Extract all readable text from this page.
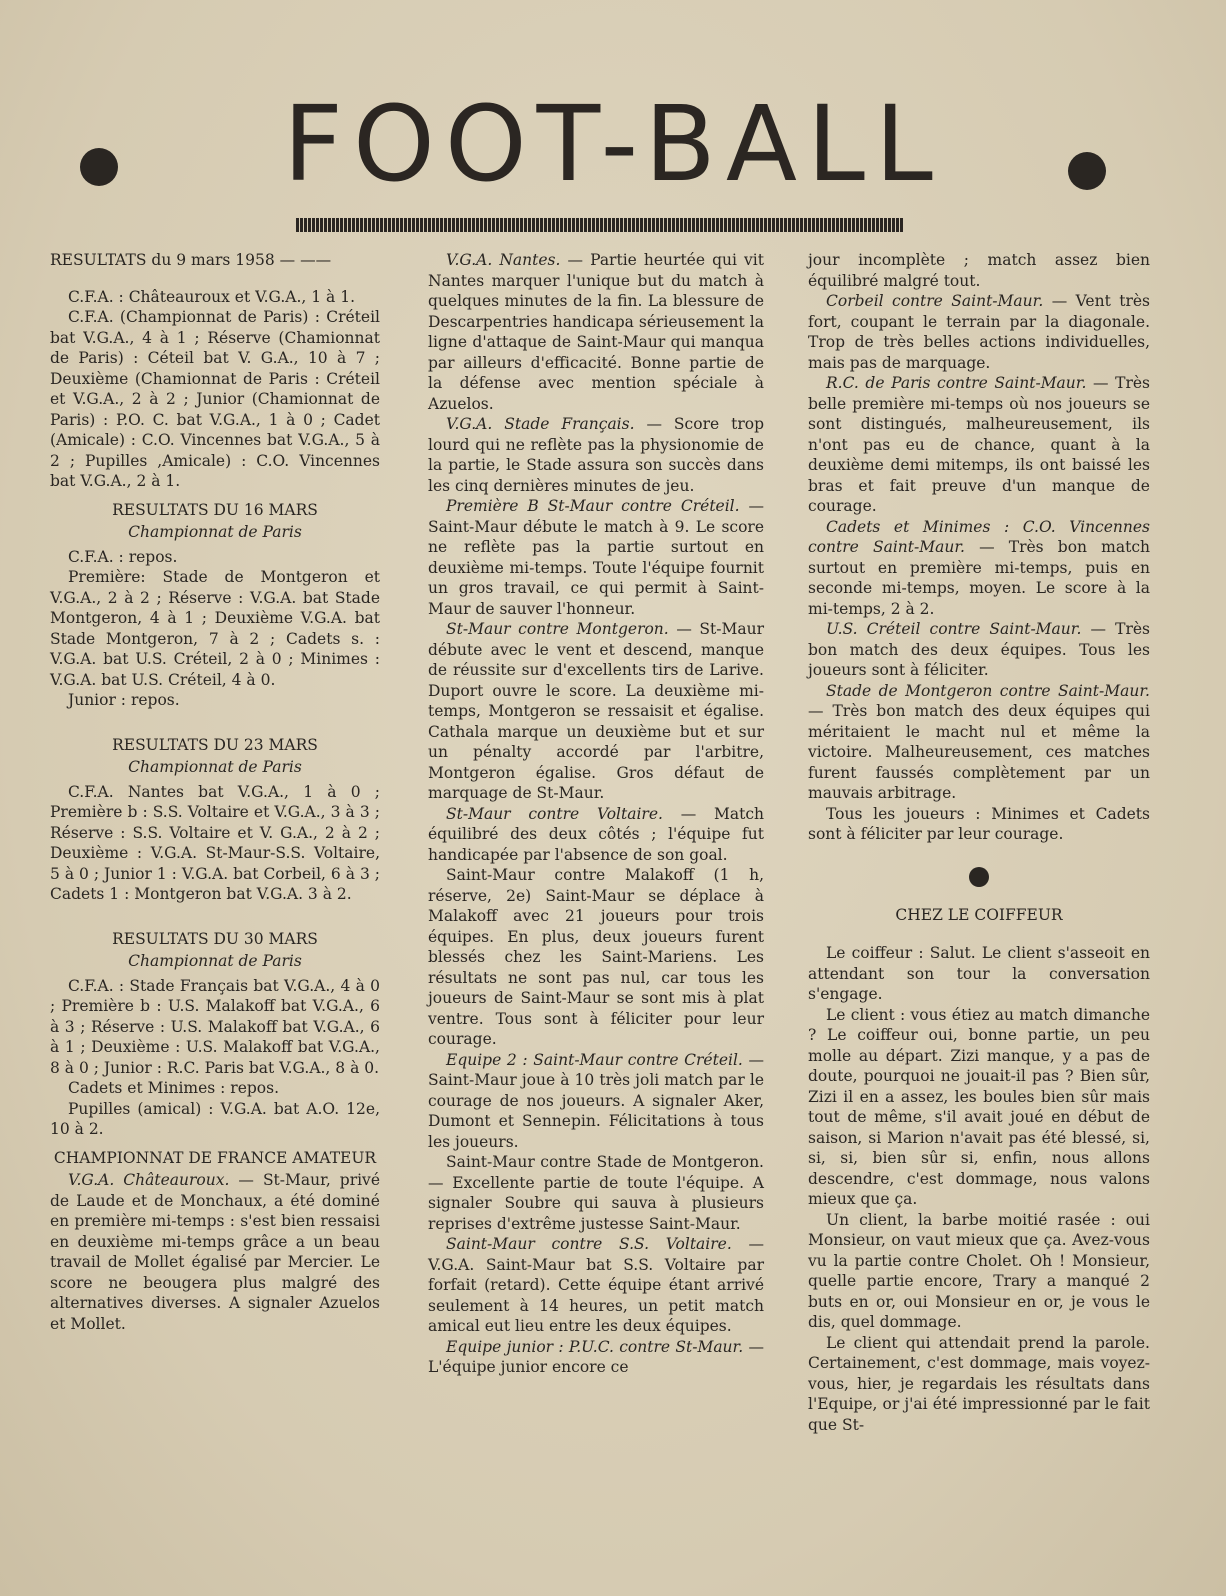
FOOT-BALL

RESULTATS du 9 mars 1958 — ——

C.F.A. : Châteauroux et V.G.A., 1 à 1.

C.F.A. (Championnat de Paris) : Créteil bat V.G.A., 4 à 1 ; Réserve (Chamionnat de Paris) : Céteil bat V. G.A., 10 à 7 ; Deuxième (Chamionnat de Paris : Créteil et V.G.A., 2 à 2 ; Junior (Chamionnat de Paris) : P.O. C. bat V.G.A., 1 à 0 ; Cadet (Amicale) : C.O. Vincennes bat V.G.A., 5 à 2 ; Pupilles ,Amicale) : C.O. Vincennes bat V.G.A., 2 à 1.

RESULTATS DU 16 MARS

Championnat de Paris

C.F.A. : repos.

Première: Stade de Montgeron et V.G.A., 2 à 2 ; Réserve : V.G.A. bat Stade Montgeron, 4 à 1 ; Deuxième V.G.A. bat Stade Montgeron, 7 à 2 ; Cadets s. : V.G.A. bat U.S. Créteil, 2 à 0 ; Minimes : V.G.A. bat U.S. Créteil, 4 à 0.

Junior : repos.

RESULTATS DU 23 MARS

Championnat de Paris

C.F.A. Nantes bat V.G.A., 1 à 0 ; Première b : S.S. Voltaire et V.G.A., 3 à 3 ; Réserve : S.S. Voltaire et V. G.A., 2 à 2 ; Deuxième : V.G.A. St-Maur-S.S. Voltaire, 5 à 0 ; Junior 1 : V.G.A. bat Corbeil, 6 à 3 ; Cadets 1 : Montgeron bat V.G.A. 3 à 2.

RESULTATS DU 30 MARS

Championnat de Paris

C.F.A. : Stade Français bat V.G.A., 4 à 0 ; Première b : U.S. Malakoff bat V.G.A., 6 à 3 ; Réserve : U.S. Malakoff bat V.G.A., 6 à 1 ; Deuxième : U.S. Malakoff bat V.G.A., 8 à 0 ; Junior : R.C. Paris bat V.G.A., 8 à 0.

Cadets et Minimes : repos.

Pupilles (amical) : V.G.A. bat A.O. 12e, 10 à 2.

CHAMPIONNAT DE FRANCE AMATEUR

V.G.A. Châteauroux. — St-Maur, privé de Laude et de Monchaux, a été dominé en première mi-temps : s'est bien ressaisi en deuxième mi-temps grâce a un beau travail de Mollet égalisé par Mercier. Le score ne beougera plus malgré des alternatives diverses. A signaler Azuelos et Mollet.

V.G.A. Nantes. — Partie heurtée qui vit Nantes marquer l'unique but du match à quelques minutes de la fin. La blessure de Descarpentries handicapa sérieusement la ligne d'attaque de Saint-Maur qui manqua par ailleurs d'efficacité. Bonne partie de la défense avec mention spéciale à Azuelos.

V.G.A. Stade Français. — Score trop lourd qui ne reflète pas la physionomie de la partie, le Stade assura son succès dans les cinq dernières minutes de jeu.

Première B St-Maur contre Créteil. — Saint-Maur débute le match à 9. Le score ne reflète pas la partie surtout en deuxième mi-temps. Toute l'équipe fournit un gros travail, ce qui permit à Saint-Maur de sauver l'honneur.

St-Maur contre Montgeron. — St-Maur débute avec le vent et descend, manque de réussite sur d'excellents tirs de Larive. Duport ouvre le score. La deuxième mi-temps, Montgeron se ressaisit et égalise. Cathala marque un deuxième but et sur un pénalty accordé par l'arbitre, Montgeron égalise. Gros défaut de marquage de St-Maur.

St-Maur contre Voltaire. — Match équilibré des deux côtés ; l'équipe fut handicapée par l'absence de son goal.

Saint-Maur contre Malakoff (1 h, réserve, 2e) Saint-Maur se déplace à Malakoff avec 21 joueurs pour trois équipes. En plus, deux joueurs furent blessés chez les Saint-Mariens. Les résultats ne sont pas nul, car tous les joueurs de Saint-Maur se sont mis à plat ventre. Tous sont à féliciter pour leur courage.

Equipe 2 : Saint-Maur contre Créteil. — Saint-Maur joue à 10 très joli match par le courage de nos joueurs. A signaler Aker, Dumont et Sennepin. Félicitations à tous les joueurs.

Saint-Maur contre Stade de Montgeron. — Excellente partie de toute l'équipe. A signaler Soubre qui sauva à plusieurs reprises d'extrême justesse Saint-Maur.

Saint-Maur contre S.S. Voltaire. — V.G.A. Saint-Maur bat S.S. Voltaire par forfait (retard). Cette équipe étant arrivé seulement à 14 heures, un petit match amical eut lieu entre les deux équipes.

Equipe junior : P.U.C. contre St-Maur. — L'équipe junior encore ce

jour incomplète ; match assez bien équilibré malgré tout.

Corbeil contre Saint-Maur. — Vent très fort, coupant le terrain par la diagonale. Trop de très belles actions individuelles, mais pas de marquage.

R.C. de Paris contre Saint-Maur. — Très belle première mi-temps où nos joueurs se sont distingués, malheureusement, ils n'ont pas eu de chance, quant à la deuxième demi mitemps, ils ont baissé les bras et fait preuve d'un manque de courage.

Cadets et Minimes : C.O. Vincennes contre Saint-Maur. — Très bon match surtout en première mi-temps, puis en seconde mi-temps, moyen. Le score à la mi-temps, 2 à 2.

U.S. Créteil contre Saint-Maur. — Très bon match des deux équipes. Tous les joueurs sont à féliciter.

Stade de Montgeron contre Saint-Maur. — Très bon match des deux équipes qui méritaient le macht nul et même la victoire. Malheureusement, ces matches furent faussés complètement par un mauvais arbitrage.

Tous les joueurs : Minimes et Cadets sont à féliciter par leur courage.

CHEZ LE COIFFEUR

Le coiffeur : Salut. Le client s'asseoit en attendant son tour la conversation s'engage.

Le client : vous étiez au match dimanche ? Le coiffeur oui, bonne partie, un peu molle au départ. Zizi manque, y a pas de doute, pourquoi ne jouait-il pas ? Bien sûr, Zizi il en a assez, les boules bien sûr mais tout de même, s'il avait joué en début de saison, si Marion n'avait pas été blessé, si, si, si, bien sûr si, enfin, nous allons descendre, c'est dommage, nous valons mieux que ça.

Un client, la barbe moitié rasée : oui Monsieur, on vaut mieux que ça. Avez-vous vu la partie contre Cholet. Oh ! Monsieur, quelle partie encore, Trary a manqué 2 buts en or, oui Monsieur en or, je vous le dis, quel dommage.

Le client qui attendait prend la parole. Certainement, c'est dommage, mais voyez-vous, hier, je regardais les résultats dans l'Equipe, or j'ai été impressionné par le fait que St-
